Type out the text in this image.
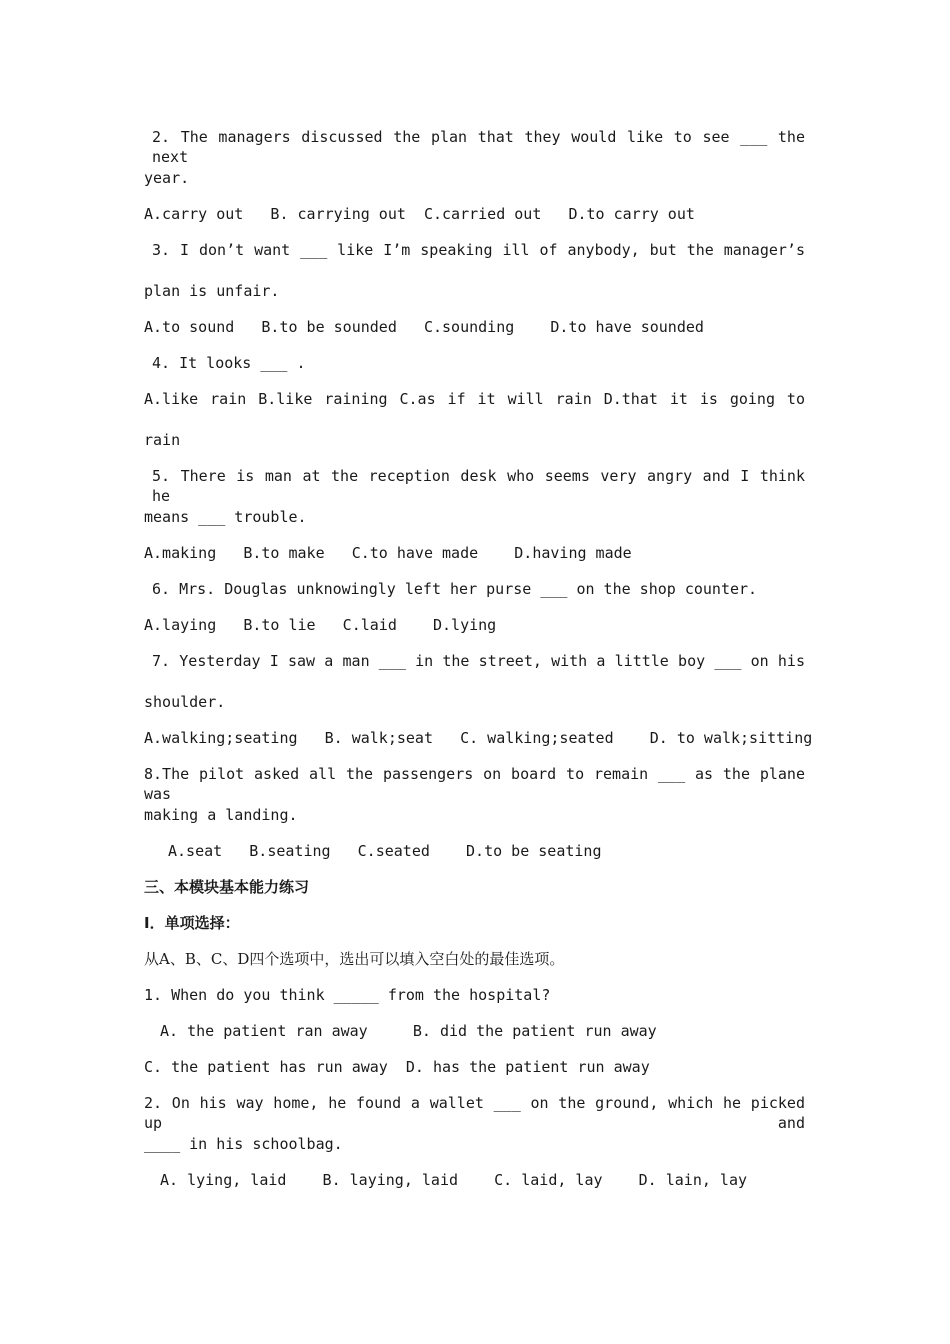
2. The managers discussed the plan that they would like to see ___ the next
year.
A.carry out   B. carrying out  C.carried out   D.to carry out
3. I don’t want ___ like I’m speaking ill of anybody, but the manager’s
plan is unfair.
A.to sound   B.to be sounded   C.sounding    D.to have sounded
4. It looks ___ .
A.like rain B.like raining C.as if it will rain D.that it is going to
rain
5. There is man at the reception desk who seems very angry and I think he
means ___ trouble.
A.making   B.to make   C.to have made    D.having made
6. Mrs. Douglas unknowingly left her purse ___ on the shop counter.
A.laying   B.to lie   C.laid    D.lying
7. Yesterday I saw a man ___ in the street, with a little boy ___ on his
shoulder.
A.walking;seating   B. walk;seat   C. walking;seated    D. to walk;sitting
8.The pilot asked all the passengers on board to remain ___ as the plane was
making a landing.
A.seat   B.seating   C.seated    D.to be seating
三、本模块基本能力练习
I．单项选择：
从A、B、C、D四个选项中，选出可以填入空白处的最佳选项。
1. When do you think _____ from the hospital?
A. the patient ran away     B. did the patient run away
C. the patient has run away  D. has the patient run away
2. On his way home, he found a wallet ___ on the ground, which he picked up and
____ in his schoolbag.
A. lying, laid    B. laying, laid    C. laid, lay    D. lain, lay
